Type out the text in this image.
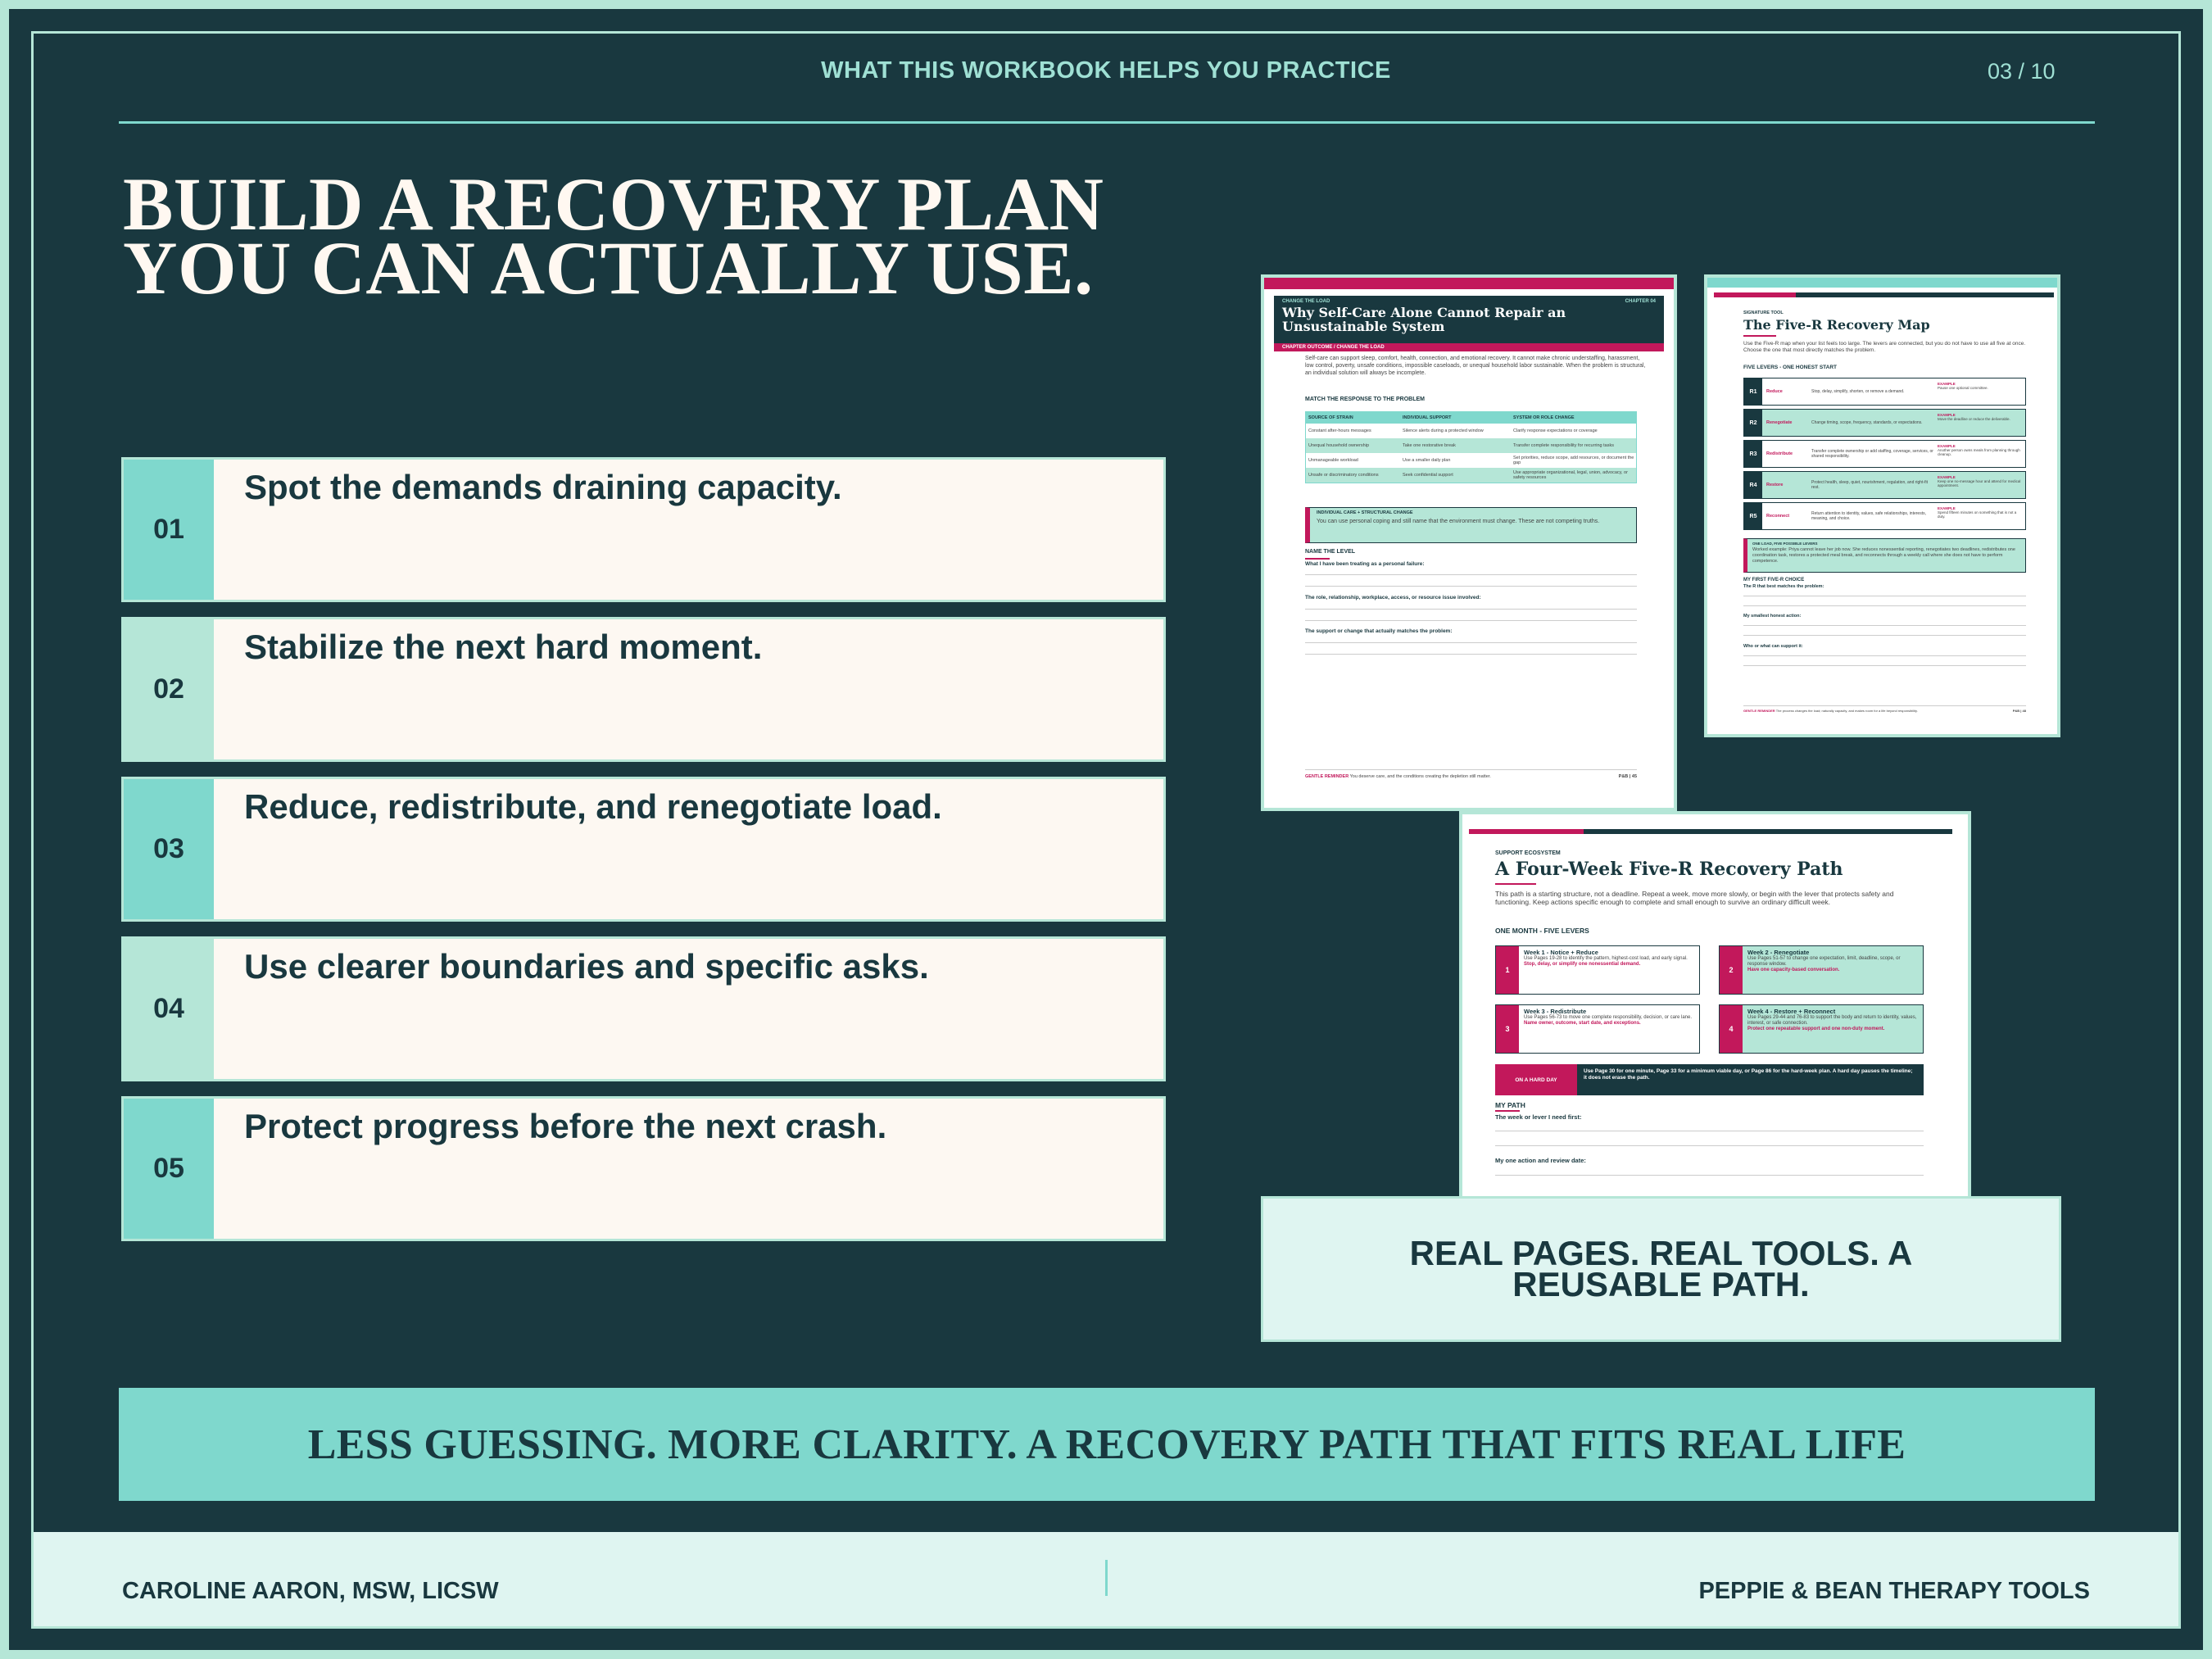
WHAT THIS WORKBOOK HELPS YOU PRACTICE	03 / 10
BUILD A RECOVERY PLAN
YOU CAN ACTUALLY USE.
01
Spot the demands draining capacity.
02
Stabilize the next hard moment.
03
Reduce, redistribute, and renegotiate load.
04
Use clearer boundaries and specific asks.
05
Protect progress before the next crash.
CHANGE THE LOAD	CHAPTER 04
Why Self-Care Alone Cannot Repair an Unsustainable System
CHAPTER OUTCOME / CHANGE THE LOAD
Self-care can support sleep, comfort, health, connection, and emotional recovery. It cannot make chronic understaffing, harassment, low control, poverty, unsafe conditions, impossible caseloads, or unequal household labor sustainable. When the problem is structural, an individual solution will always be incomplete.
MATCH THE RESPONSE TO THE PROBLEM
SOURCE OF STRAIN	INDIVIDUAL SUPPORT	SYSTEM OR ROLE CHANGE
Constant after-hours messages	Silence alerts during a protected window	Clarify response expectations or coverage
Unequal household ownership	Take one restorative break	Transfer complete responsibility for recurring tasks
Unmanageable workload	Use a smaller daily plan	Set priorities, reduce scope, add resources, or document the gap
Unsafe or discriminatory conditions	Seek confidential support	Use appropriate organizational, legal, union, advocacy, or safety resources
INDIVIDUAL CARE + STRUCTURAL CHANGE
You can use personal coping and still name that the environment must change. These are not competing truths.
NAME THE LEVEL
What I have been treating as a personal failure:
The role, relationship, workplace, access, or resource issue involved:
The support or change that actually matches the problem:
GENTLE REMINDER You deserve care, and the conditions creating the depletion still matter.	P&B | 45
SIGNATURE TOOL
The Five-R Recovery Map
Use the Five-R map when your list feels too large. The levers are connected, but you do not have to use all five at once. Choose the one that most directly matches the problem.
FIVE LEVERS - ONE HONEST START
R1	Reduce	Stop, delay, simplify, shorten, or remove a demand.
EXAMPLE
Pause one optional committee.
R2	Renegotiate	Change timing, scope, frequency, standards, or expectations.
EXAMPLE
Move the deadline or reduce the deliverable.
R3	Redistribute	Transfer complete ownership or add staffing, coverage, services, or shared responsibility.
EXAMPLE
Another person owns meals from planning through cleanup.
R4	Restore	Protect health, sleep, quiet, nourishment, regulation, and right-fit rest.
EXAMPLE
Keep one no-message hour and attend for medical appointment.
R5	Reconnect	Return attention to identity, values, safe relationships, interests, meaning, and choice.
EXAMPLE
Spend fifteen minutes on something that is not a duty.
ONE LOAD, FIVE POSSIBLE LEVERS
Worked example: Priya cannot leave her job now. She reduces nonessential reporting, renegotiates two deadlines, redistributes one coordination task, restores a protected meal break, and reconnects through a weekly call where she does not have to perform competence.
MY FIRST FIVE-R CHOICE
The R that best matches the problem:
My smallest honest action:
Who or what can support it:
GENTLE REMINDER The process changes the load; naturally capacity, and makes room for a life beyond responsibility.	P&B | 48
SUPPORT ECOSYSTEM
A Four-Week Five-R Recovery Path
This path is a starting structure, not a deadline. Repeat a week, move more slowly, or begin with the lever that protects safety and functioning. Keep actions specific enough to complete and small enough to survive an ordinary difficult week.
ONE MONTH - FIVE LEVERS
1
Week 1 - Notice + Reduce
Use Pages 19-28 to identify the pattern, highest-cost load, and early signal.
Stop, delay, or simplify one nonessential demand.
2
Week 2 - Renegotiate
Use Pages 51-57 to change one expectation, limit, deadline, scope, or response window.
Have one capacity-based conversation.
3
Week 3 - Redistribute
Use Pages 56-73 to move one complete responsibility, decision, or care lane.
Name owner, outcome, start date, and exceptions.
4
Week 4 - Restore + Reconnect
Use Pages 29-44 and 76-83 to support the body and return to identity, values, interest, or safe connection.
Protect one repeatable support and one non-duty moment.
ON A HARD DAY
Use Page 30 for one minute, Page 33 for a minimum viable day, or Page 86 for the hard-week plan. A hard day pauses the timeline; it does not erase the path.
MY PATH
The week or lever I need first:
My one action and review date:
REAL PAGES. REAL TOOLS. A REUSABLE PATH.
LESS GUESSING. MORE CLARITY. A RECOVERY PATH THAT FITS REAL LIFE
CAROLINE AARON, MSW, LICSW	PEPPIE & BEAN THERAPY TOOLS
